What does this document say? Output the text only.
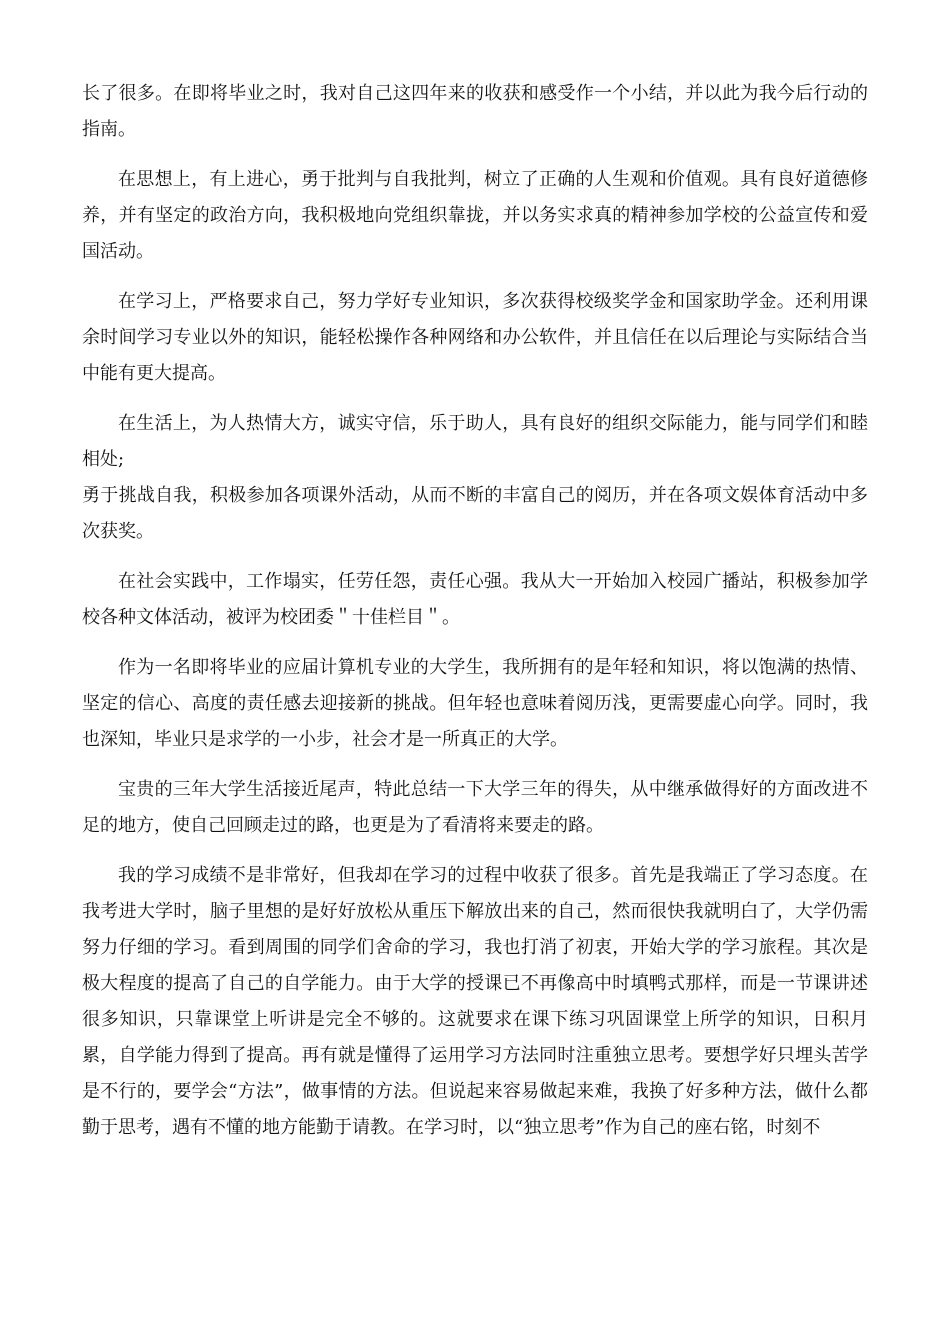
长了很多。在即将毕业之时，我对自己这四年来的收获和感受作一个小结，并以此为我今后行动的指南。

在思想上，有上进心，勇于批判与自我批判，树立了正确的人生观和价值观。具有良好道德修养，并有坚定的政治方向，我积极地向党组织靠拢，并以务实求真的精神参加学校的公益宣传和爱国活动。

在学习上，严格要求自己，努力学好专业知识，多次获得校级奖学金和国家助学金。还利用课余时间学习专业以外的知识，能轻松操作各种网络和办公软件，并且信任在以后理论与实际结合当中能有更大提高。

在生活上，为人热情大方，诚实守信，乐于助人，具有良好的组织交际能力，能与同学们和睦相处;

勇于挑战自我，积极参加各项课外活动，从而不断的丰富自己的阅历，并在各项文娱体育活动中多次获奖。

在社会实践中，工作塌实，任劳任怨，责任心强。我从大一开始加入校园广播站，积极参加学校各种文体活动，被评为校团委＂十佳栏目＂。

作为一名即将毕业的应届计算机专业的大学生，我所拥有的是年轻和知识，将以饱满的热情、坚定的信心、高度的责任感去迎接新的挑战。但年轻也意味着阅历浅，更需要虚心向学。同时，我也深知，毕业只是求学的一小步，社会才是一所真正的大学。

宝贵的三年大学生活接近尾声，特此总结一下大学三年的得失，从中继承做得好的方面改进不足的地方，使自己回顾走过的路，也更是为了看清将来要走的路。

我的学习成绩不是非常好，但我却在学习的过程中收获了很多。首先是我端正了学习态度。在我考进大学时，脑子里想的是好好放松从重压下解放出来的自己，然而很快我就明白了，大学仍需努力仔细的学习。看到周围的同学们舍命的学习，我也打消了初衷，开始大学的学习旅程。其次是极大程度的提高了自己的自学能力。由于大学的授课已不再像高中时填鸭式那样，而是一节课讲述很多知识，只靠课堂上听讲是完全不够的。这就要求在课下练习巩固课堂上所学的知识，日积月累，自学能力得到了提高。再有就是懂得了运用学习方法同时注重独立思考。要想学好只埋头苦学是不行的，要学会“方法”，做事情的方法。但说起来容易做起来难，我换了好多种方法，做什么都勤于思考，遇有不懂的地方能勤于请教。在学习时，以“独立思考”作为自己的座右铭，时刻不
